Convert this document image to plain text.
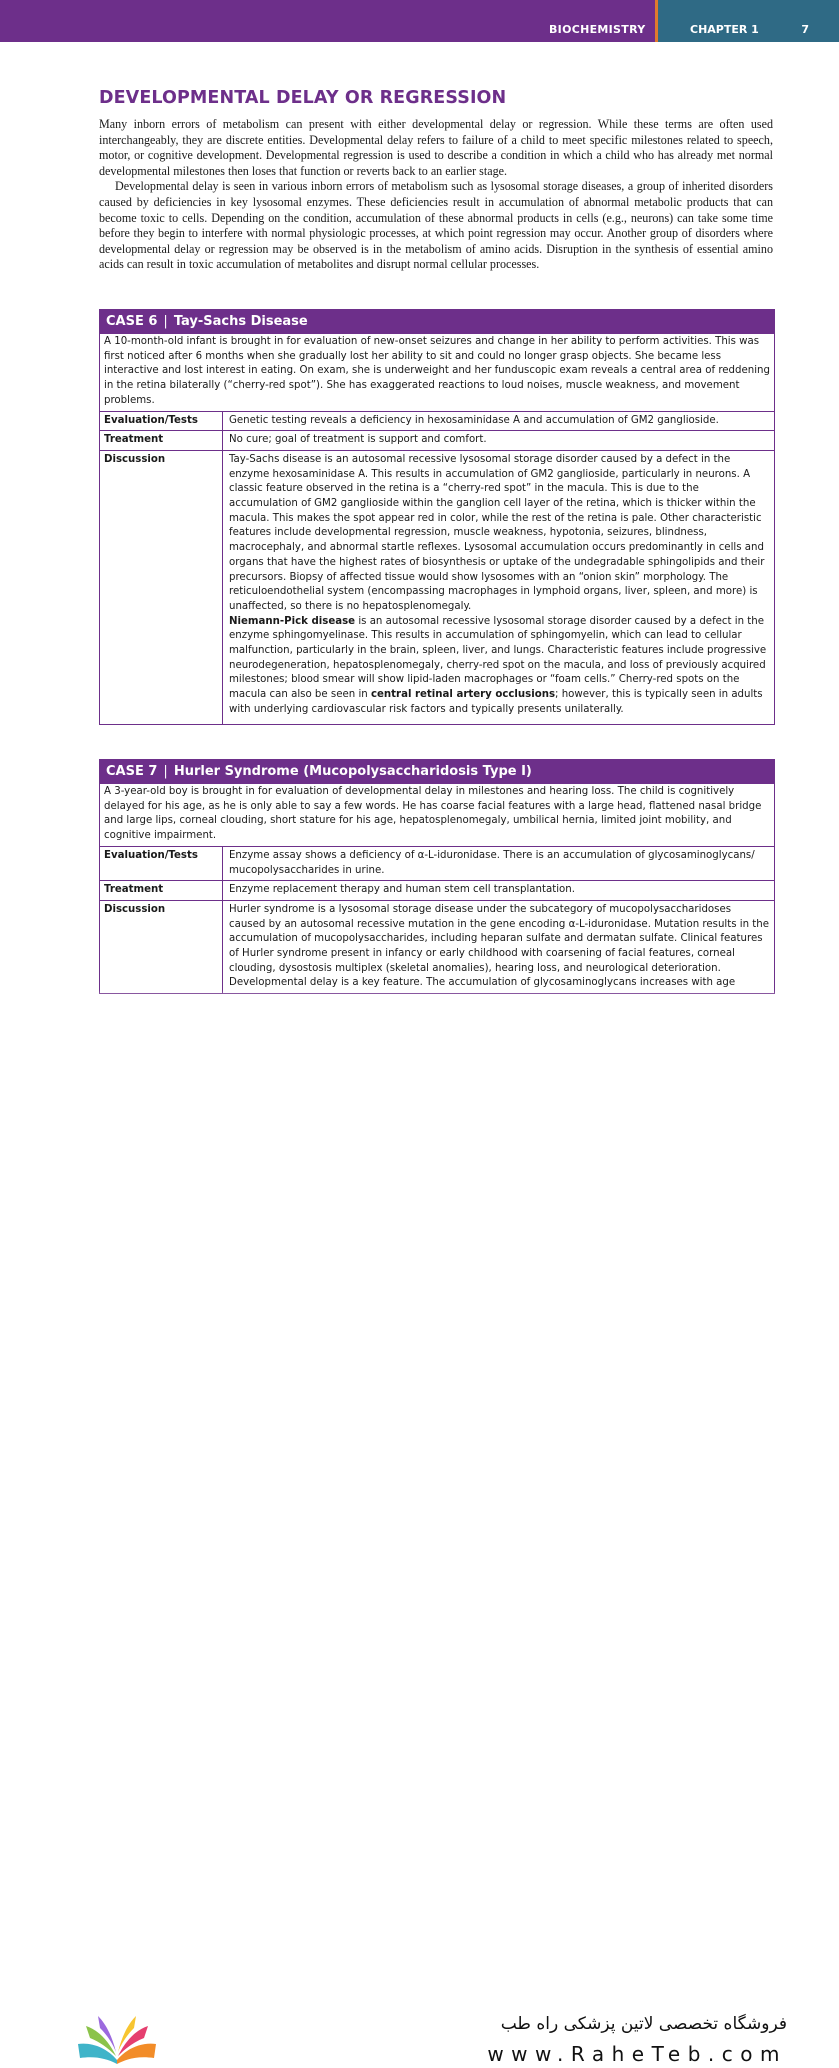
BIOCHEMISTRY	CHAPTER 1	7
DEVELOPMENTAL DELAY OR REGRESSION

Many inborn errors of metabolism can present with either developmental delay or regression. While these terms are often used interchangeably, they are discrete entities. Developmental delay refers to failure of a child to meet specific milestones related to speech, motor, or cognitive development. Developmental regression is used to describe a condition in which a child who has already met normal developmental milestones then loses that function or reverts back to an earlier stage.

Developmental delay is seen in various inborn errors of metabolism such as lysosomal storage diseases, a group of inherited disorders caused by deficiencies in key lysosomal enzymes. These deficiencies result in accumulation of abnormal metabolic products that can become toxic to cells. Depending on the condition, accumulation of these abnormal products in cells (e.g., neurons) can take some time before they begin to interfere with normal physiologic processes, at which point regression may occur. Another group of disorders where developmental delay or regression may be observed is in the metabolism of amino acids. Disruption in the synthesis of essential amino acids can result in toxic accumulation of metabolites and disrupt normal cellular processes.

CASE 6 | Tay-Sachs Disease
A 10-month-old infant is brought in for evaluation of new-onset seizures and change in her ability to perform activities. This was first noticed after 6 months when she gradually lost her ability to sit and could no longer grasp objects. She became less interactive and lost interest in eating. On exam, she is underweight and her funduscopic exam reveals a central area of reddening in the retina bilaterally (“cherry-red spot”). She has exaggerated reactions to loud noises, muscle weakness, and movement problems.
Evaluation/Tests	Genetic testing reveals a deficiency in hexosaminidase A and accumulation of GM2 ganglioside.
Treatment	No cure; goal of treatment is support and comfort.
Discussion	Tay-Sachs disease is an autosomal recessive lysosomal storage disorder caused by a defect in the enzyme hexosaminidase A. This results in accumulation of GM2 ganglioside, particularly in neurons. A classic feature observed in the retina is a “cherry-red spot” in the macula. This is due to the accumulation of GM2 ganglioside within the ganglion cell layer of the retina, which is thicker within the macula. This makes the spot appear red in color, while the rest of the retina is pale. Other characteristic features include developmental regression, muscle weakness, hypotonia, seizures, blindness, macrocephaly, and abnormal startle reflexes. Lysosomal accumulation occurs predominantly in cells and organs that have the highest rates of biosynthesis or uptake of the undegradable sphingolipids and their precursors. Biopsy of affected tissue would show lysosomes with an “onion skin” morphology. The reticuloendothelial system (encompassing macrophages in lymphoid organs, liver, spleen, and more) is unaffected, so there is no hepatosplenomegaly.

Niemann-Pick disease is an autosomal recessive lysosomal storage disorder caused by a defect in the enzyme sphingomyelinase. This results in accumulation of sphingomyelin, which can lead to cellular malfunction, particularly in the brain, spleen, liver, and lungs. Characteristic features include progressive neurodegeneration, hepatosplenomegaly, cherry-red spot on the macula, and loss of previously acquired milestones; blood smear will show lipid-laden macrophages or “foam cells.” Cherry-red spots on the macula can also be seen in central retinal artery occlusions; however, this is typically seen in adults with underlying cardiovascular risk factors and typically presents unilaterally.

CASE 7 | Hurler Syndrome (Mucopolysaccharidosis Type I)
A 3-year-old boy is brought in for evaluation of developmental delay in milestones and hearing loss. The child is cognitively delayed for his age, as he is only able to say a few words. He has coarse facial features with a large head, flattened nasal bridge and large lips, corneal clouding, short stature for his age, hepatosplenomegaly, umbilical hernia, limited joint mobility, and cognitive impairment.
Evaluation/Tests	Enzyme assay shows a deficiency of α-L-iduronidase. There is an accumulation of glycosaminoglycans/ mucopolysaccharides in urine.
Treatment	Enzyme replacement therapy and human stem cell transplantation.
Discussion	Hurler syndrome is a lysosomal storage disease under the subcategory of mucopolysaccharidoses caused by an autosomal recessive mutation in the gene encoding α-L-iduronidase. Mutation results in the accumulation of mucopolysaccharides, including heparan sulfate and dermatan sulfate. Clinical features of Hurler syndrome present in infancy or early childhood with coarsening of facial features, corneal clouding, dysostosis multiplex (skeletal anomalies), hearing loss, and neurological deterioration. Developmental delay is a key feature. The accumulation of glycosaminoglycans increases with age
فروشگاه تخصصی لاتین پزشکی راه طب
www.RaheTeb.com
